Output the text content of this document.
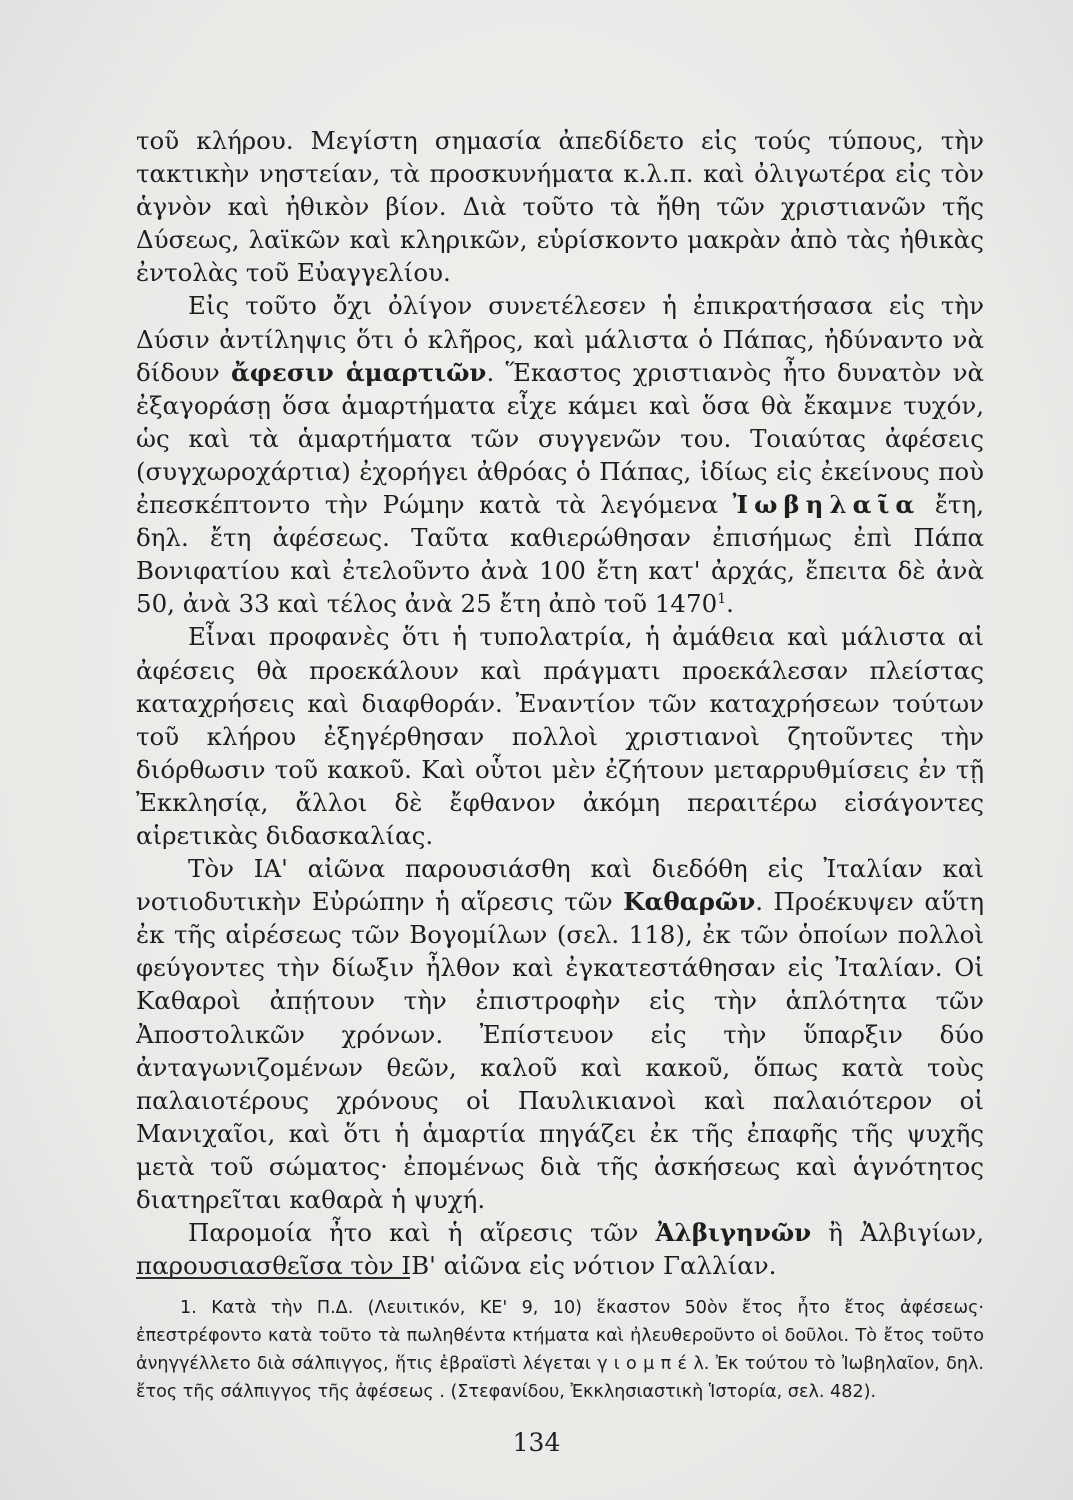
τοῦ κλήρου. Μεγίστη σημασία ἀπεδίδετο εἰς τούς τύπους, τὴν τακτικὴν νηστείαν, τὰ προσκυνήματα κ.λ.π. καὶ ὀλιγωτέρα εἰς τὸν ἁγνὸν καὶ ἠθικὸν βίον. Διὰ τοῦτο τὰ ἤθη τῶν χριστιανῶν τῆς Δύσεως, λαϊκῶν καὶ κληρικῶν, εὑρίσκοντο μακρὰν ἀπὸ τὰς ἠθικὰς ἐντολὰς τοῦ Εὐαγγελίου.

Εἰς τοῦτο ὄχι ὀλίγον συνετέλεσεν ἡ ἐπικρατήσασα εἰς τὴν Δύσιν ἀντίληψις ὅτι ὁ κλῆρος, καὶ μάλιστα ὁ Πάπας, ἠδύναντο νὰ δίδουν ἄφεσιν ἁμαρτιῶν. Ἕκαστος χριστιανὸς ἦτο δυνατὸν νὰ ἐξαγοράσῃ ὅσα ἁμαρτήματα εἶχε κάμει καὶ ὅσα θὰ ἔκαμνε τυχόν, ὡς καὶ τὰ ἁμαρτήματα τῶν συγγενῶν του. Τοιαύτας ἀφέσεις (συγχωροχάρτια) ἐχορήγει ἀθρόας ὁ Πάπας, ἰδίως εἰς ἐκείνους ποὺ ἐπεσκέπτοντο τὴν Ρώμην κατὰ τὰ λεγόμενα Ἰωβηλαῖα ἔτη, δηλ. ἔτη ἀφέσεως. Ταῦτα καθιερώθησαν ἐπισήμως ἐπὶ Πάπα Βονιφατίου καὶ ἐτελοῦντο ἀνὰ 100 ἔτη κατ' ἀρχάς, ἔπειτα δὲ ἀνὰ 50, ἀνὰ 33 καὶ τέλος ἀνὰ 25 ἔτη ἀπὸ τοῦ 1470$^1$.

Εἶναι προφανὲς ὅτι ἡ τυπολατρία, ἡ ἀμάθεια καὶ μάλιστα αἱ ἀφέσεις θὰ προεκάλουν καὶ πράγματι προεκάλεσαν πλείστας καταχρήσεις καὶ διαφθοράν. Ἐναντίον τῶν καταχρήσεων τούτων τοῦ κλήρου ἐξηγέρθησαν πολλοὶ χριστιανοὶ ζητοῦντες τὴν διόρθωσιν τοῦ κακοῦ. Καὶ οὗτοι μὲν ἐζήτουν μεταρρυθμίσεις ἐν τῇ Ἐκκλησίᾳ, ἄλλοι δὲ ἔφθανον ἀκόμη περαιτέρω εἰσάγοντες αἱρετικὰς διδασκαλίας.

Τὸν ΙΑ' αἰῶνα παρουσιάσθη καὶ διεδόθη εἰς Ἰταλίαν καὶ νοτιοδυτικὴν Εὐρώπην ἡ αἵρεσις τῶν Καθαρῶν. Προέκυψεν αὕτη ἐκ τῆς αἱρέσεως τῶν Βογομίλων (σελ. 118), ἐκ τῶν ὁποίων πολλοὶ φεύγοντες τὴν δίωξιν ἦλθον καὶ ἐγκατεστάθησαν εἰς Ἰταλίαν. Οἱ Καθαροὶ ἀπῄτουν τὴν ἐπιστροφὴν εἰς τὴν ἁπλότητα τῶν Ἀποστολικῶν χρόνων. Ἐπίστευον εἰς τὴν ὕπαρξιν δύο ἀνταγωνιζομένων θεῶν, καλοῦ καὶ κακοῦ, ὅπως κατὰ τοὺς παλαιοτέρους χρόνους οἱ Παυλικιανοὶ καὶ παλαιότερον οἱ Μανιχαῖοι, καὶ ὅτι ἡ ἁμαρτία πηγάζει ἐκ τῆς ἐπαφῆς τῆς ψυχῆς μετὰ τοῦ σώματος· ἐπομένως διὰ τῆς ἀσκήσεως καὶ ἁγνότητος διατηρεῖται καθαρὰ ἡ ψυχή.

Παρομοία ἦτο καὶ ἡ αἵρεσις τῶν Ἀλβιγηνῶν ἢ Ἀλβιγίων, παρουσιασθεῖσα τὸν ΙΒ' αἰῶνα εἰς νότιον Γαλλίαν.

1. Κατὰ τὴν Π.Δ. (Λευιτικόν, ΚΕ' 9, 10) ἕκαστον 50ὸν ἔτος ἦτο ἔτος ἀφέσεως· ἐπεστρέφοντο κατὰ τοῦτο τὰ πωληθέντα κτήματα καὶ ἠλευθεροῦντο οἱ δοῦλοι. Τὸ ἔτος τοῦτο ἀνηγγέλλετο διὰ σάλπιγγος, ἥτις ἑβραϊστὶ λέγεται γ ι ο μ π έ λ. Ἐκ τούτου τὸ Ἰωβηλαῖον, δηλ. ἔτος τῆς σάλπιγγος τῆς ἀφέσεως . (Στεφανίδου, Ἐκκλησιαστικὴ Ἱστορία, σελ. 482).

134
